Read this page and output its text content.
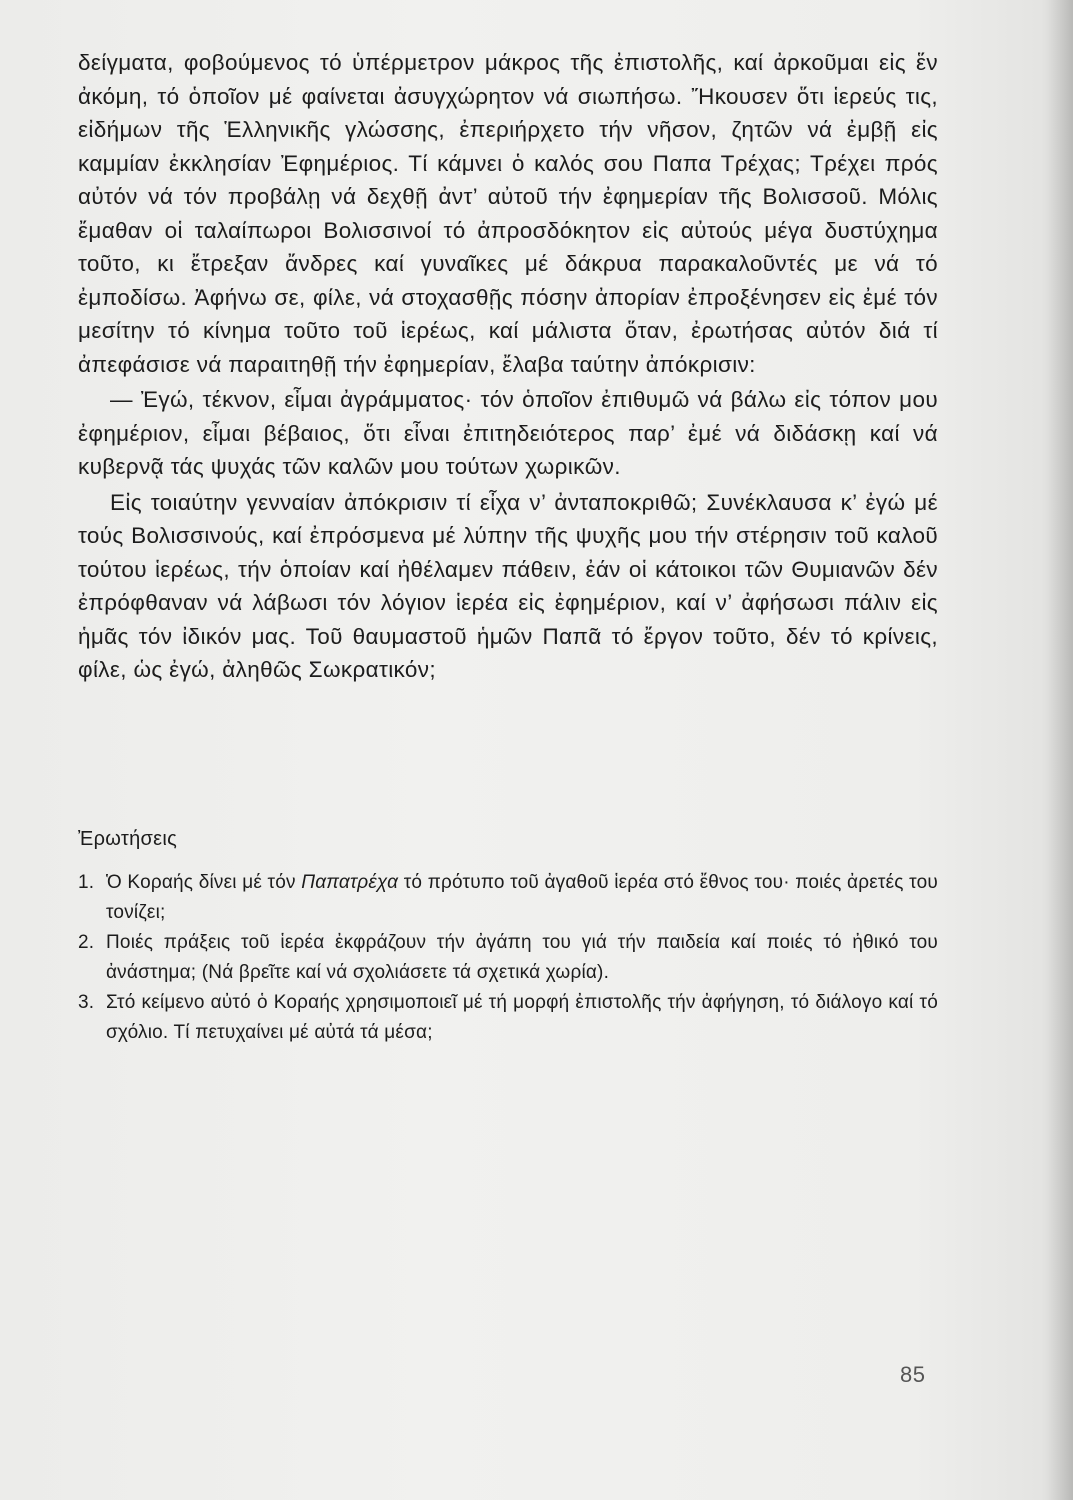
δείγματα, φοβούμενος τό ὑπέρμετρον μάκρος τῆς ἐπιστολῆς, καί ἀρκοῦμαι εἰς ἕν ἀκόμη, τό ὁποῖον μέ φαίνεται ἀσυγχώρητον νά σιωπήσω. Ἤκουσεν ὅτι ἱερεύς τις, εἰδήμων τῆς Ἑλληνικῆς γλώσσης, ἐπεριήρχετο τήν νῆσον, ζητῶν νά ἐμβῇ εἰς καμμίαν ἐκκλησίαν Ἐφημέριος. Τί κάμνει ὁ καλός σου Παπα Τρέχας; Τρέχει πρός αὐτόν νά τόν προβάλῃ νά δεχθῇ ἀντ’ αὐτοῦ τήν ἐφημερίαν τῆς Βολισσοῦ. Μόλις ἔμαθαν οἱ ταλαίπωροι Βολισσινοί τό ἀπροσδόκητον εἰς αὐτούς μέγα δυστύχημα τοῦτο, κι ἔτρεξαν ἄνδρες καί γυναῖκες μέ δάκρυα παρακαλοῦντές με νά τό ἐμποδίσω. Ἀφήνω σε, φίλε, νά στοχασθῇς πόσην ἀπορίαν ἐπροξένησεν εἰς ἐμέ τόν μεσίτην τό κίνημα τοῦτο τοῦ ἱερέως, καί μάλιστα ὅταν, ἐρωτήσας αὐτόν διά τί ἀπεφάσισε νά παραιτηθῇ τήν ἐφημερίαν, ἔλαβα ταύτην ἀπόκρισιν:

— Ἐγώ, τέκνον, εἶμαι ἀγράμματος· τόν ὁποῖον ἐπιθυμῶ νά βάλω εἰς τόπον μου ἐφημέριον, εἶμαι βέβαιος, ὅτι εἶναι ἐπιτηδειότερος παρ’ ἐμέ νά διδάσκῃ καί νά κυβερνᾷ τάς ψυχάς τῶν καλῶν μου τούτων χωρικῶν.

Εἰς τοιαύτην γενναίαν ἀπόκρισιν τί εἶχα ν’ ἀνταποκριθῶ; Συνέκλαυσα κ’ ἐγώ μέ τούς Βολισσινούς, καί ἐπρόσμενα μέ λύπην τῆς ψυχῆς μου τήν στέρησιν τοῦ καλοῦ τούτου ἱερέως, τήν ὁποίαν καί ἠθέλαμεν πάθειν, ἐάν οἱ κάτοικοι τῶν Θυμιανῶν δέν ἐπρόφθαναν νά λάβωσι τόν λόγιον ἱερέα εἰς ἐφημέριον, καί ν’ ἀφήσωσι πάλιν εἰς ἡμᾶς τόν ἰδικόν μας. Τοῦ θαυμαστοῦ ἡμῶν Παπᾶ τό ἔργον τοῦτο, δέν τό κρίνεις, φίλε, ὡς ἐγώ, ἀληθῶς Σωκρατικόν;

Ἐρωτήσεις
1. Ὁ Κοραής δίνει μέ τόν Παπατρέχα τό πρότυπο τοῦ ἀγαθοῦ ἱερέα στό ἔθνος του· ποιές ἀρετές του τονίζει;
2. Ποιές πράξεις τοῦ ἱερέα ἐκφράζουν τήν ἀγάπη του γιά τήν παιδεία καί ποιές τό ἠθικό του ἀνάστημα; (Νά βρεῖτε καί νά σχολιάσετε τά σχετικά χωρία).
3. Στό κείμενο αὐτό ὁ Κοραής χρησιμοποιεῖ μέ τή μορφή ἐπιστολῆς τήν ἀφήγηση, τό διάλογο καί τό σχόλιο. Τί πετυχαίνει μέ αὐτά τά μέσα;
85
